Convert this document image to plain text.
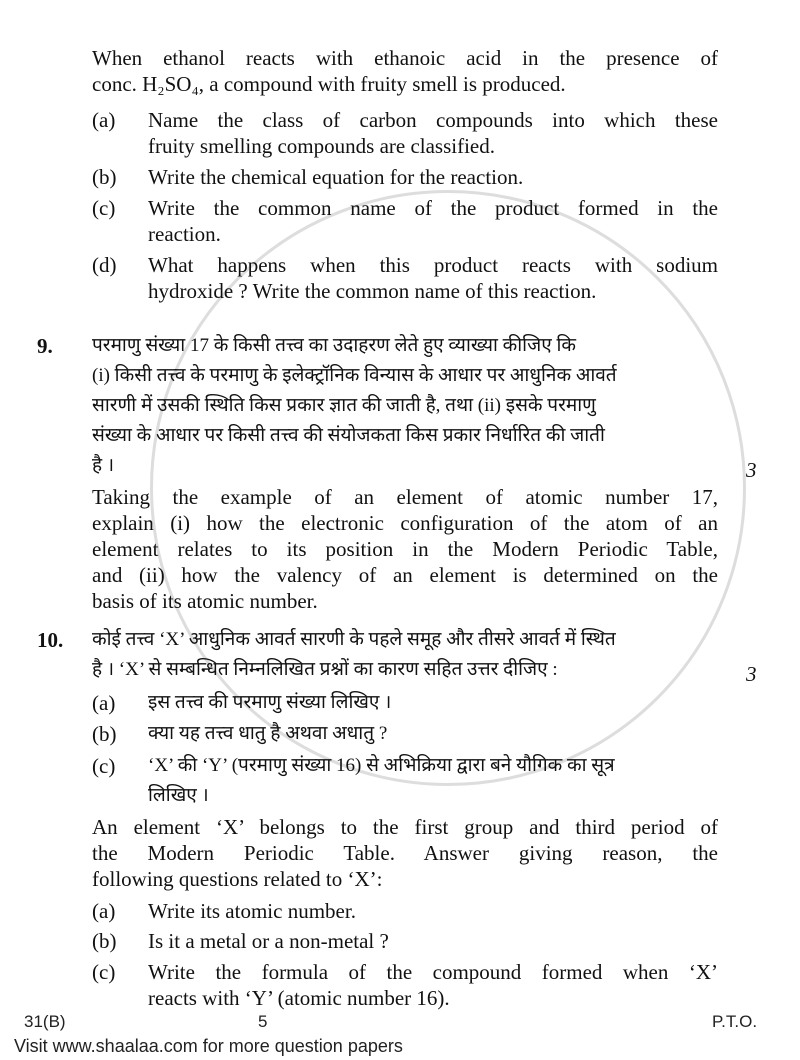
When ethanol reacts with ethanoic acid in the presence of
conc. H₂SO₄, a compound with fruity smell is produced.
(a) Name the class of carbon compounds into which these
fruity smelling compounds are classified.
(b) Write the chemical equation for the reaction.
(c) Write the common name of the product formed in the
reaction.
(d) What happens when this product reacts with sodium
hydroxide ? Write the common name of this reaction.
9. परमाणु संख्या 17 के किसी तत्त्व का उदाहरण लेते हुए व्याख्या कीजिए कि
(i) किसी तत्त्व के परमाणु के इलेक्ट्रॉनिक विन्यास के आधार पर आधुनिक आवर्त
सारणी में उसकी स्थिति किस प्रकार ज्ञात की जाती है, तथा (ii) इसके परमाणु
संख्या के आधार पर किसी तत्त्व की संयोजकता किस प्रकार निर्धारित की जाती
है ।	3
Taking the example of an element of atomic number 17,
explain (i) how the electronic configuration of the atom of an
element relates to its position in the Modern Periodic Table,
and (ii) how the valency of an element is determined on the
basis of its atomic number.
10. कोई तत्त्व ‘X’ आधुनिक आवर्त सारणी के पहले समूह और तीसरे आवर्त में स्थित
है । ‘X’ से सम्बन्धित निम्नलिखित प्रश्नों का कारण सहित उत्तर दीजिए :	3
(a) इस तत्त्व की परमाणु संख्या लिखिए ।
(b) क्या यह तत्त्व धातु है अथवा अधातु ?
(c) ‘X’ की ‘Y’ (परमाणु संख्या 16) से अभिक्रिया द्वारा बने यौगिक का सूत्र
लिखिए ।
An element ‘X’ belongs to the first group and third period of
the Modern Periodic Table. Answer giving reason, the
following questions related to ‘X’:
(a) Write its atomic number.
(b) Is it a metal or a non-metal ?
(c) Write the formula of the compound formed when ‘X’
reacts with ‘Y’ (atomic number 16).
31(B)	5	P.T.O.
Visit www.shaalaa.com for more question papers
